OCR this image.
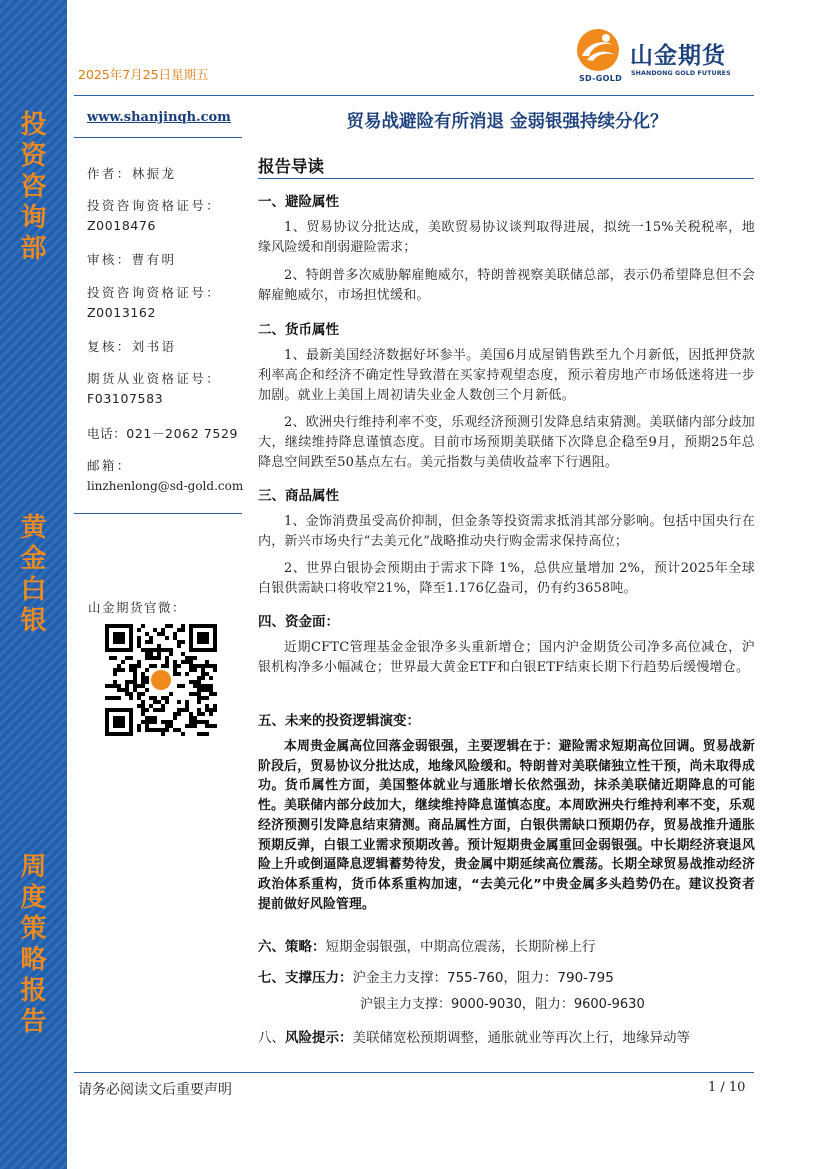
投资咨询部
黄金白银
周度策略报告
2025年7月25日星期五	SD-GOLD
山金期货
SHANDONG GOLD FUTURES
www.shanjinqh.com	贸易战避险有所消退 金弱银强持续分化？
作者：林振龙
投资咨询资格证号：
Z0018476
审核：曹有明
投资咨询资格证号：
Z0013162
复核：刘书语
期货从业资格证号：
F03107583
电话：021－2062 7529
邮箱：
linzhenlong@sd-gold.com
山金期货官微：
报告导读
一、避险属性
1、贸易协议分批达成，美欧贸易协议谈判取得进展，拟统一15%关税税率，地缘风险缓和削弱避险需求；
2、特朗普多次威胁解雇鲍威尔，特朗普视察美联储总部，表示仍希望降息但不会解雇鲍威尔，市场担忧缓和。
二、货币属性
1、最新美国经济数据好坏参半。美国6月成屋销售跌至九个月新低，因抵押贷款利率高企和经济不确定性导致潜在买家持观望态度，预示着房地产市场低迷将进一步加剧。就业上美国上周初请失业金人数创三个月新低。
2、欧洲央行维持利率不变，乐观经济预测引发降息结束猜测。美联储内部分歧加大，继续维持降息谨慎态度。目前市场预期美联储下次降息企稳至9月，预期25年总降息空间跌至50基点左右。美元指数与美债收益率下行遇阻。
三、商品属性
1、金饰消费虽受高价抑制，但金条等投资需求抵消其部分影响。包括中国央行在内，新兴市场央行“去美元化”战略推动央行购金需求保持高位；
2、世界白银协会预期由于需求下降 1%，总供应量增加 2%，预计2025年全球白银供需缺口将收窄21%，降至1.176亿盎司，仍有约3658吨。
四、资金面：
近期CFTC管理基金金银净多头重新增仓；国内沪金期货公司净多高位减仓，沪银机构净多小幅减仓；世界最大黄金ETF和白银ETF结束长期下行趋势后缓慢增仓。
五、未来的投资逻辑演变：
本周贵金属高位回落金弱银强，主要逻辑在于：避险需求短期高位回调。贸易战新阶段后，贸易协议分批达成，地缘风险缓和。特朗普对美联储独立性干预，尚未取得成功。货币属性方面，美国整体就业与通胀增长依然强劲，抹杀美联储近期降息的可能性。美联储内部分歧加大，继续维持降息谨慎态度。本周欧洲央行维持利率不变，乐观经济预测引发降息结束猜测。商品属性方面，白银供需缺口预期仍存，贸易战推升通胀预期反弹，白银工业需求预期改善。预计短期贵金属重回金弱银强。中长期经济衰退风险上升或倒逼降息逻辑蓄势待发，贵金属中期延续高位震荡。长期全球贸易战推动经济政治体系重构，货币体系重构加速，“去美元化”中贵金属多头趋势仍在。建议投资者提前做好风险管理。
六、策略：短期金弱银强，中期高位震荡，长期阶梯上行
七、支撑压力：沪金主力支撑：755-760，阻力：790-795
沪银主力支撑：9000-9030，阻力：9600-9630
八、风险提示：美联储宽松预期调整，通胀就业等再次上行，地缘异动等
请务必阅读文后重要声明	1 / 10
